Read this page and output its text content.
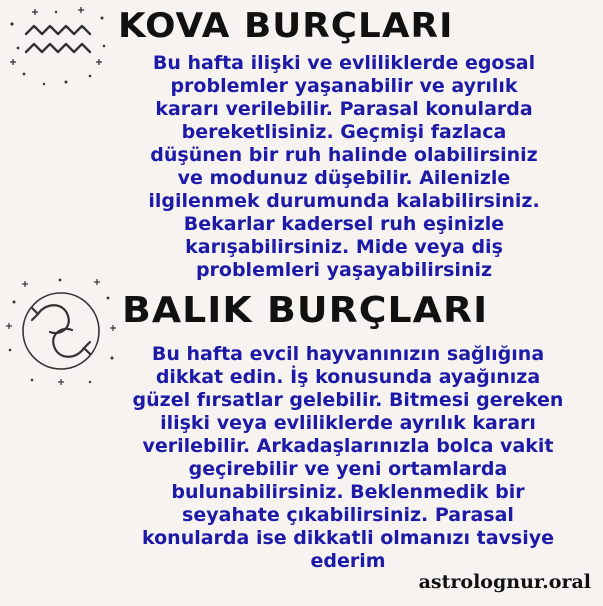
KOVA BURÇLARI
Bu hafta ilişki ve evliliklerde egosal
problemler yaşanabilir ve ayrılık
kararı verilebilir. Parasal konularda
bereketlisiniz. Geçmişi fazlaca
düşünen bir ruh halinde olabilirsiniz
ve modunuz düşebilir. Ailenizle
ilgilenmek durumunda kalabilirsiniz.
Bekarlar kadersel ruh eşinizle
karışabilirsiniz. Mide veya diş
problemleri yaşayabilirsiniz
BALIK BURÇLARI
Bu hafta evcil hayvanınızın sağlığına
dikkat edin. İş konusunda ayağınıza
güzel fırsatlar gelebilir. Bitmesi gereken
ilişki veya evliliklerde ayrılık kararı
verilebilir. Arkadaşlarınızla bolca vakit
geçirebilir ve yeni ortamlarda
bulunabilirsiniz. Beklenmedik bir
seyahate çıkabilirsiniz. Parasal
konularda ise dikkatli olmanızı tavsiye
ederim
astrolognur.oral
